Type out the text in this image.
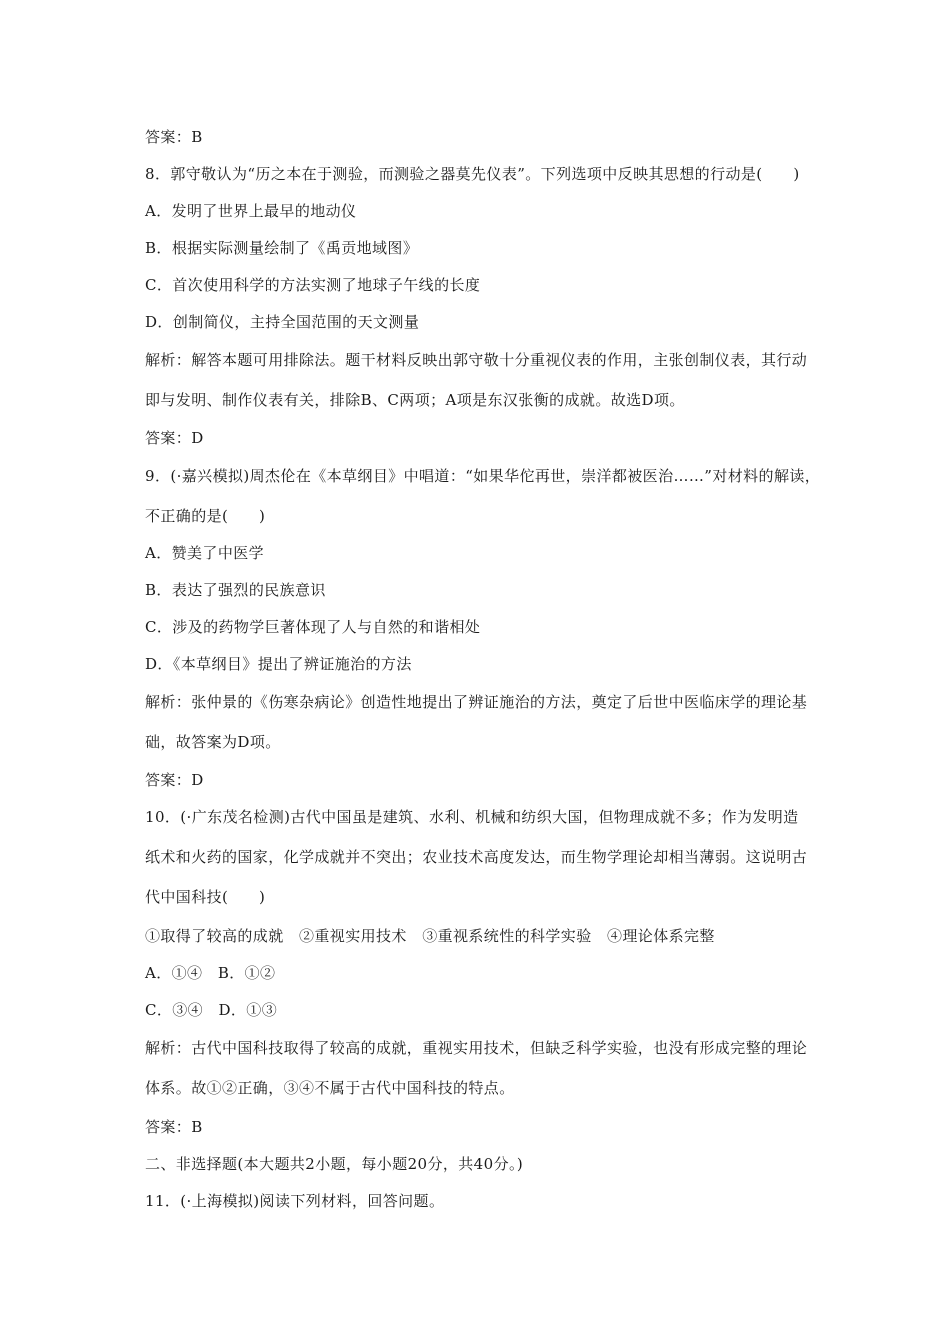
答案：B
8．郭守敬认为“历之本在于测验，而测验之器莫先仪表”。下列选项中反映其思想的行动是(　　)
A．发明了世界上最早的地动仪
B．根据实际测量绘制了《禹贡地域图》
C．首次使用科学的方法实测了地球子午线的长度
D．创制简仪，主持全国范围的天文测量
解析：解答本题可用排除法。题干材料反映出郭守敬十分重视仪表的作用，主张创制仪表，其行动
即与发明、制作仪表有关，排除B、C两项；A项是东汉张衡的成就。故选D项。
答案：D
9．(·嘉兴模拟)周杰伦在《本草纲目》中唱道：“如果华佗再世，崇洋都被医治……”对材料的解读，
不正确的是(　　)
A．赞美了中医学
B．表达了强烈的民族意识
C．涉及的药物学巨著体现了人与自然的和谐相处
D．《本草纲目》提出了辨证施治的方法
解析：张仲景的《伤寒杂病论》创造性地提出了辨证施治的方法，奠定了后世中医临床学的理论基
础，故答案为D项。
答案：D
10．(·广东茂名检测)古代中国虽是建筑、水利、机械和纺织大国，但物理成就不多；作为发明造
纸术和火药的国家，化学成就并不突出；农业技术高度发达，而生物学理论却相当薄弱。这说明古
代中国科技(　　)
①取得了较高的成就　②重视实用技术　③重视系统性的科学实验　④理论体系完整
A．①④　B．①②
C．③④　D．①③
解析：古代中国科技取得了较高的成就，重视实用技术，但缺乏科学实验，也没有形成完整的理论
体系。故①②正确，③④不属于古代中国科技的特点。
答案：B
二、非选择题(本大题共2小题，每小题20分，共40分。)
11．(·上海模拟)阅读下列材料，回答问题。
